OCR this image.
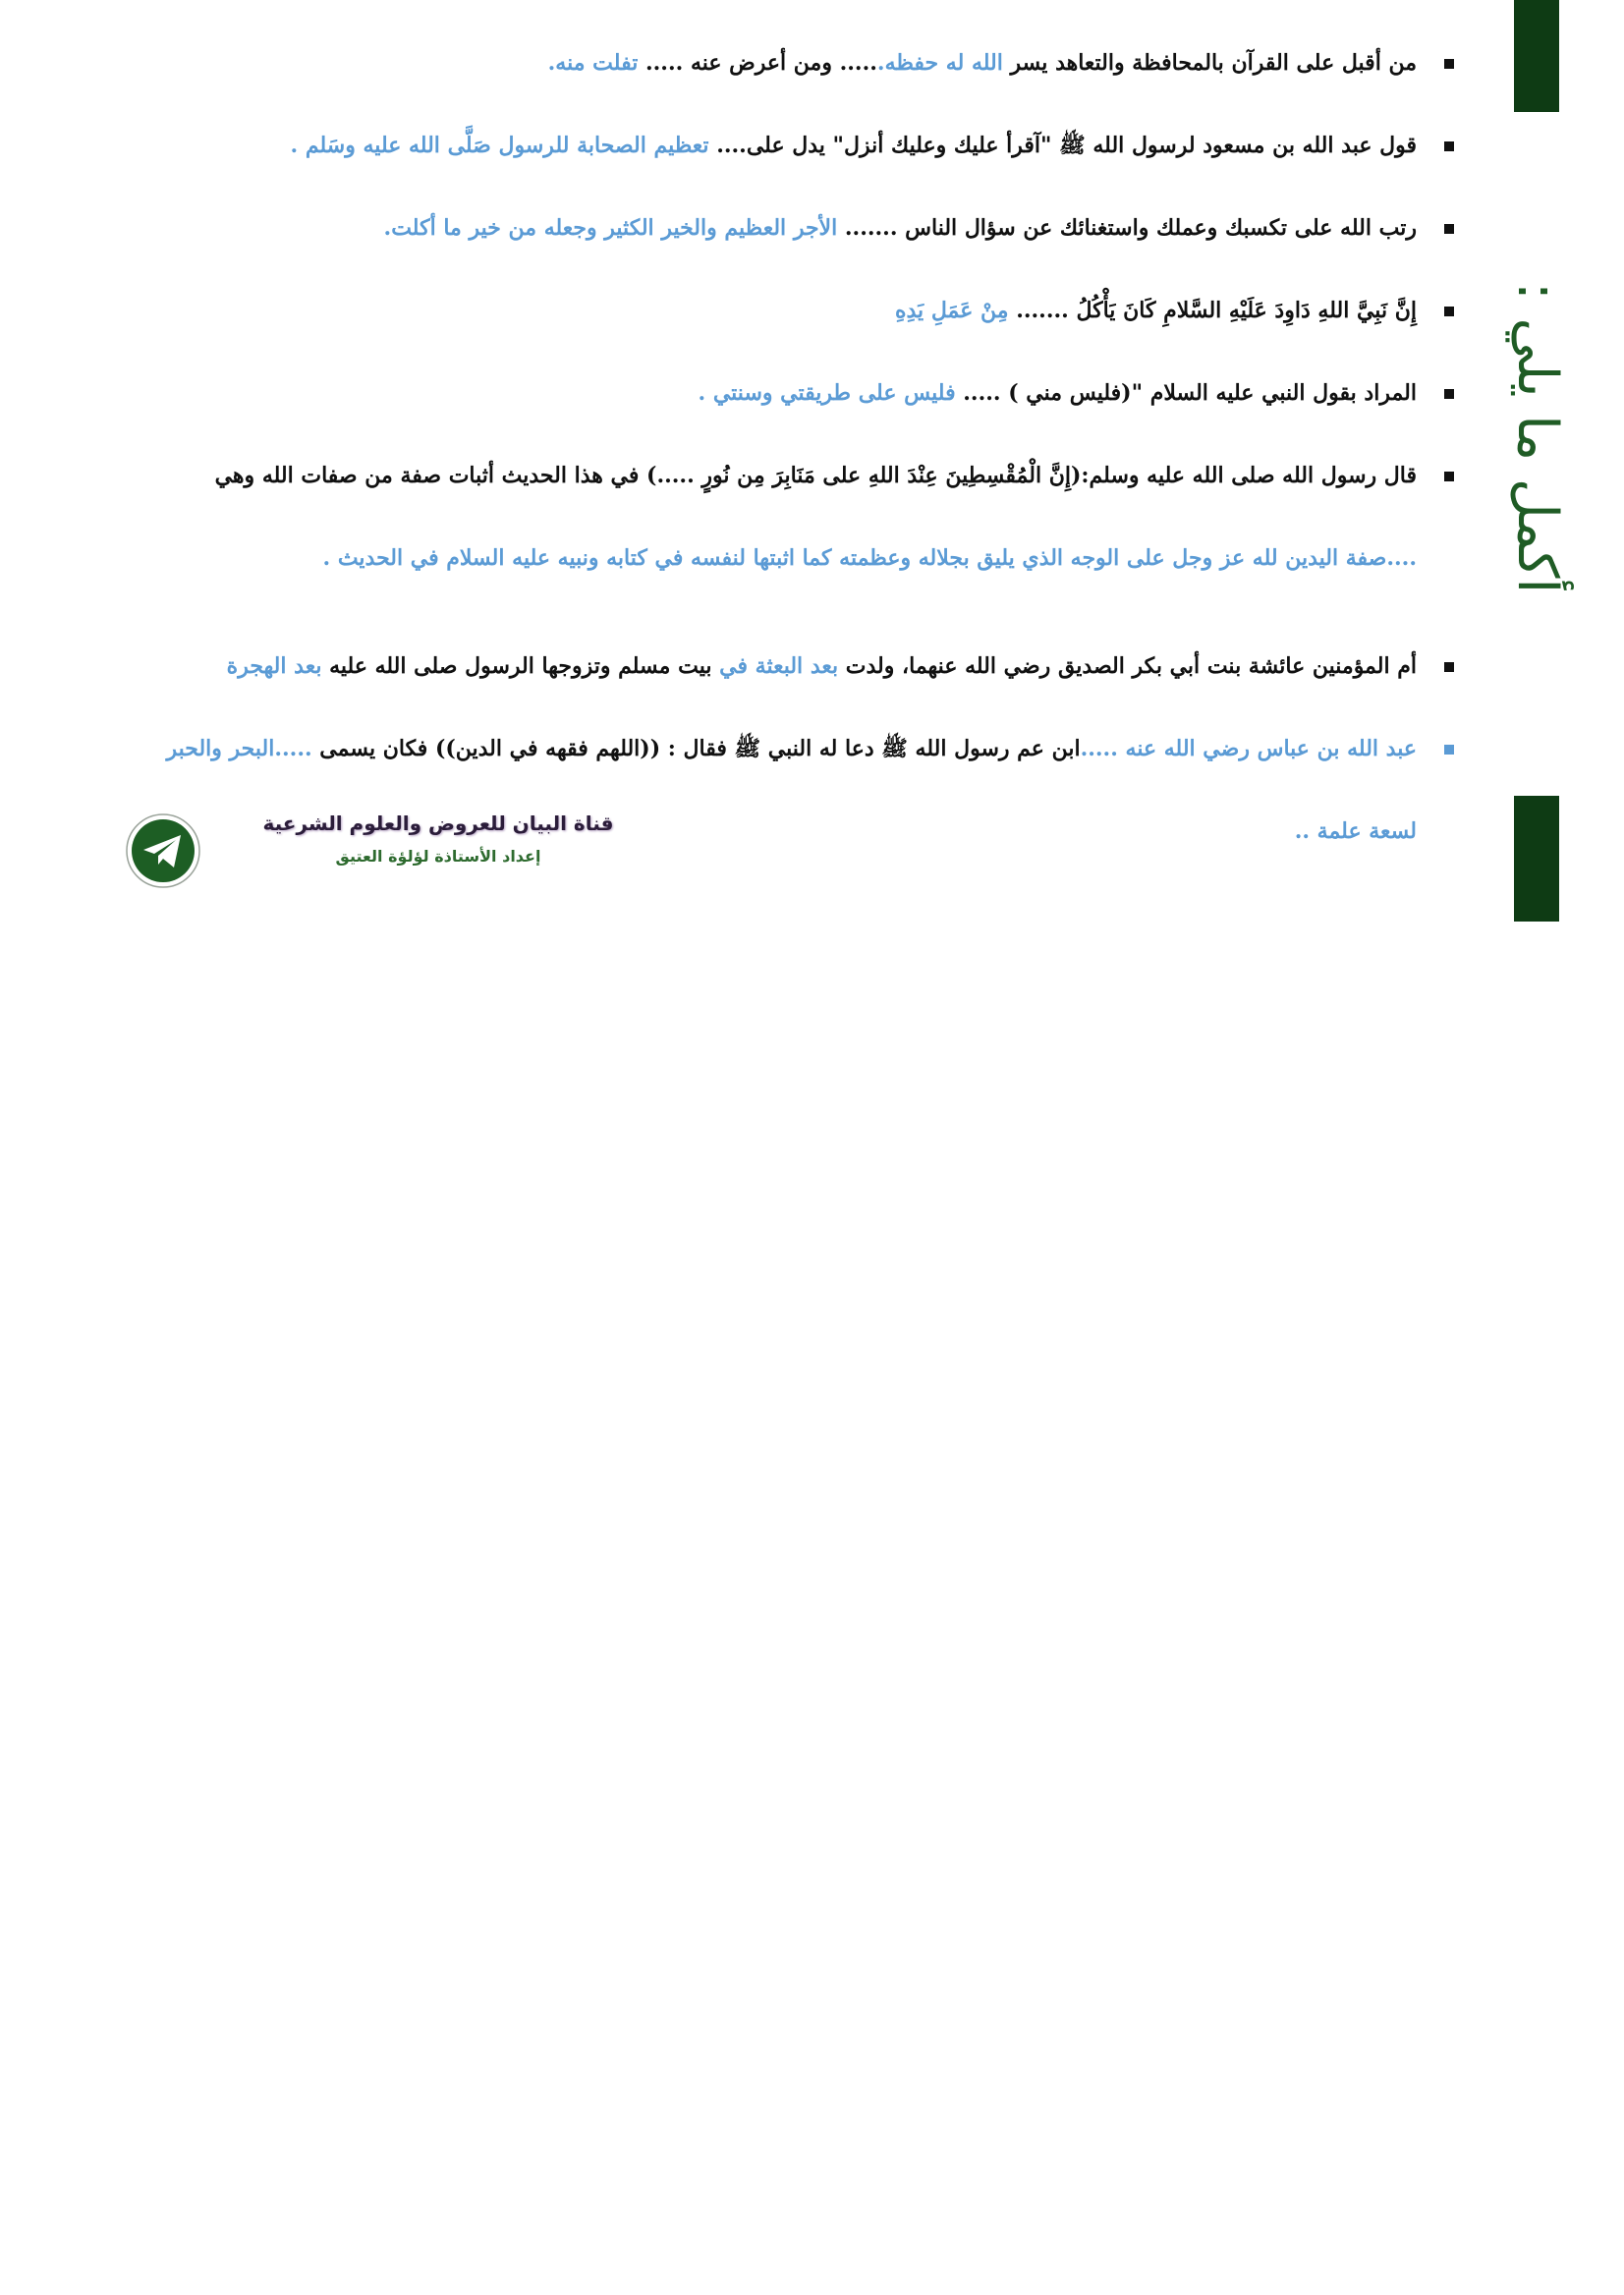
أكمل ما يلي :
من أقبل على القرآن بالمحافظة والتعاهد يسر الله له حفظه...... ومن أعرض عنه ..... تفلت منه.
قول عبد الله بن مسعود لرسول الله ﷺ "آقرأ عليك وعليك أنزل" يدل على.... تعظيم الصحابة للرسول صَلَّى الله عليه وسَلم .
رتب الله على تكسبك وعملك واستغنائك عن سؤال الناس ....... الأجر العظيم والخير الكثير وجعله من خير ما أكلت.
إِنَّ نَبِيَّ اللهِ دَاوِدَ عَلَيْهِ السَّلامِ كَانَ يَأْكُلُ ....... مِنْ عَمَلِ يَدِهِ
المراد بقول النبي عليه السلام "(فليس مني ) ..... فليس على طريقتي وسنتي .
قال رسول الله صلى الله عليه وسلم:(إِنَّ الْمُقْسِطِينَ عِنْدَ اللهِ على مَنَابِرَ مِن نُورٍ .....) في هذا الحديث أثبات صفة من صفات الله وهي ....صفة اليدين لله عز وجل على الوجه الذي يليق بجلاله وعظمته كما اثبتها لنفسه في كتابه ونبيه عليه السلام في الحديث .
أم المؤمنين عائشة بنت أبي بكر الصديق رضي الله عنهما، ولدت بعد البعثة في بيت مسلم وتزوجها الرسول صلى الله عليه بعد الهجرة
عبد الله بن عباس رضي الله عنه .....ابن عم رسول الله ﷺ دعا له النبي ﷺ فقال : ((اللهم فقهه في الدين)) فكان يسمى .....البحر والحبر لسعة علمة ..
قناة البيان للعروض والعلوم الشرعية
إعداد الأستاذة لؤلؤة العتيق
